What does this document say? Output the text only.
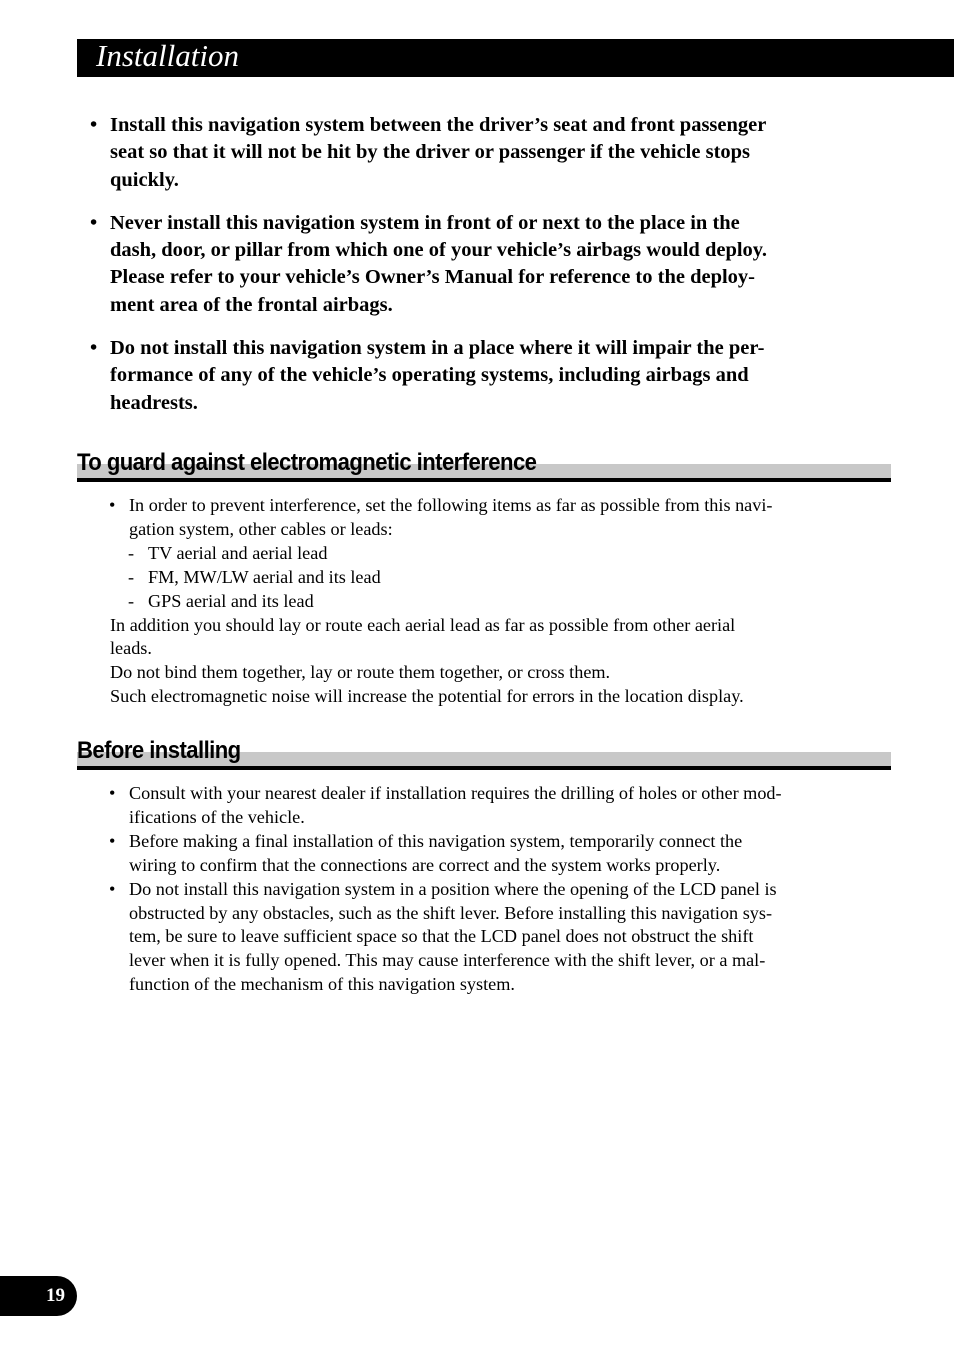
Installation
• Install this navigation system between the driver’s seat and front passenger
seat so that it will not be hit by the driver or passenger if the vehicle stops
quickly.
• Never install this navigation system in front of or next to the place in the
dash, door, or pillar from which one of your vehicle’s airbags would deploy.
Please refer to your vehicle’s Owner’s Manual for reference to the deploy-
ment area of the frontal airbags.
• Do not install this navigation system in a place where it will impair the per-
formance of any of the vehicle’s operating systems, including airbags and
headrests.
To guard against electromagnetic interference
• In order to prevent interference, set the following items as far as possible from this navi-
gation system, other cables or leads:
- TV aerial and aerial lead
- FM, MW/LW aerial and its lead
- GPS aerial and its lead
In addition you should lay or route each aerial lead as far as possible from other aerial
leads.
Do not bind them together, lay or route them together, or cross them.
Such electromagnetic noise will increase the potential for errors in the location display.
Before installing
• Consult with your nearest dealer if installation requires the drilling of holes or other mod-
ifications of the vehicle.
• Before making a final installation of this navigation system, temporarily connect the
wiring to confirm that the connections are correct and the system works properly.
• Do not install this navigation system in a position where the opening of the LCD panel is
obstructed by any obstacles, such as the shift lever. Before installing this navigation sys-
tem, be sure to leave sufficient space so that the LCD panel does not obstruct the shift
lever when it is fully opened. This may cause interference with the shift lever, or a mal-
function of the mechanism of this navigation system.
19
